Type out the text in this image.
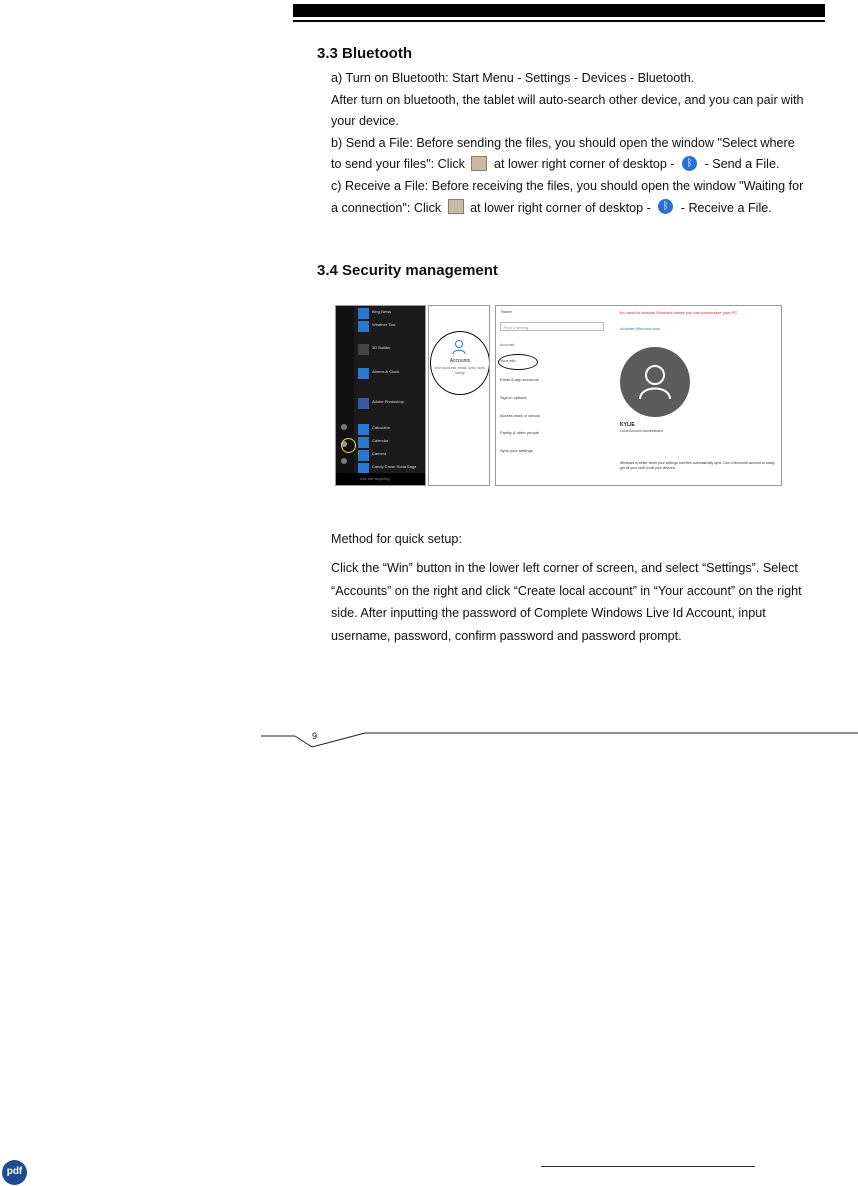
3.3 Bluetooth
a) Turn on Bluetooth: Start Menu - Settings - Devices - Bluetooth.
After turn on bluetooth, the tablet will auto-search other device, and you can pair with your device.
b) Send a File: Before sending the files, you should open the window "Select where to send your files": Click at lower right corner of desktop - ᛒ - Send a File.
c) Receive a File: Before receiving the files, you should open the window "Waiting for a connection": Click at lower right corner of desktop - ᛒ - Receive a File.
3.4 Security management
Bing News
Weather Tool
3D Builder
Alarms & Clock
Adobe Photoshop
Calculator
Calendar
Camera
Candy Crush Soda Saga
Ask me anything
Accounts
Your accounts, email, sync, work, family
Home	You need to activate Windows before you can personalize your PC.
Find a setting	Activate Windows now
Accounts
Your info
Email & app accounts
Sign-in options
Access work or school
Family & other people
Sync your settings
KYLIE
Local Account Administrator
Windows is better when your settings and files automatically sync. Use a Microsoft account to easily get all your stuff on all your devices.
Method for quick setup:
Click the “Win” button in the lower left corner of screen, and select “Settings”. Select “Accounts” on the right and click “Create local account” in “Your account” on the right side. After inputting the password of Complete Windows Live Id Account, input username, password, confirm password and password prompt.
9
pdf
